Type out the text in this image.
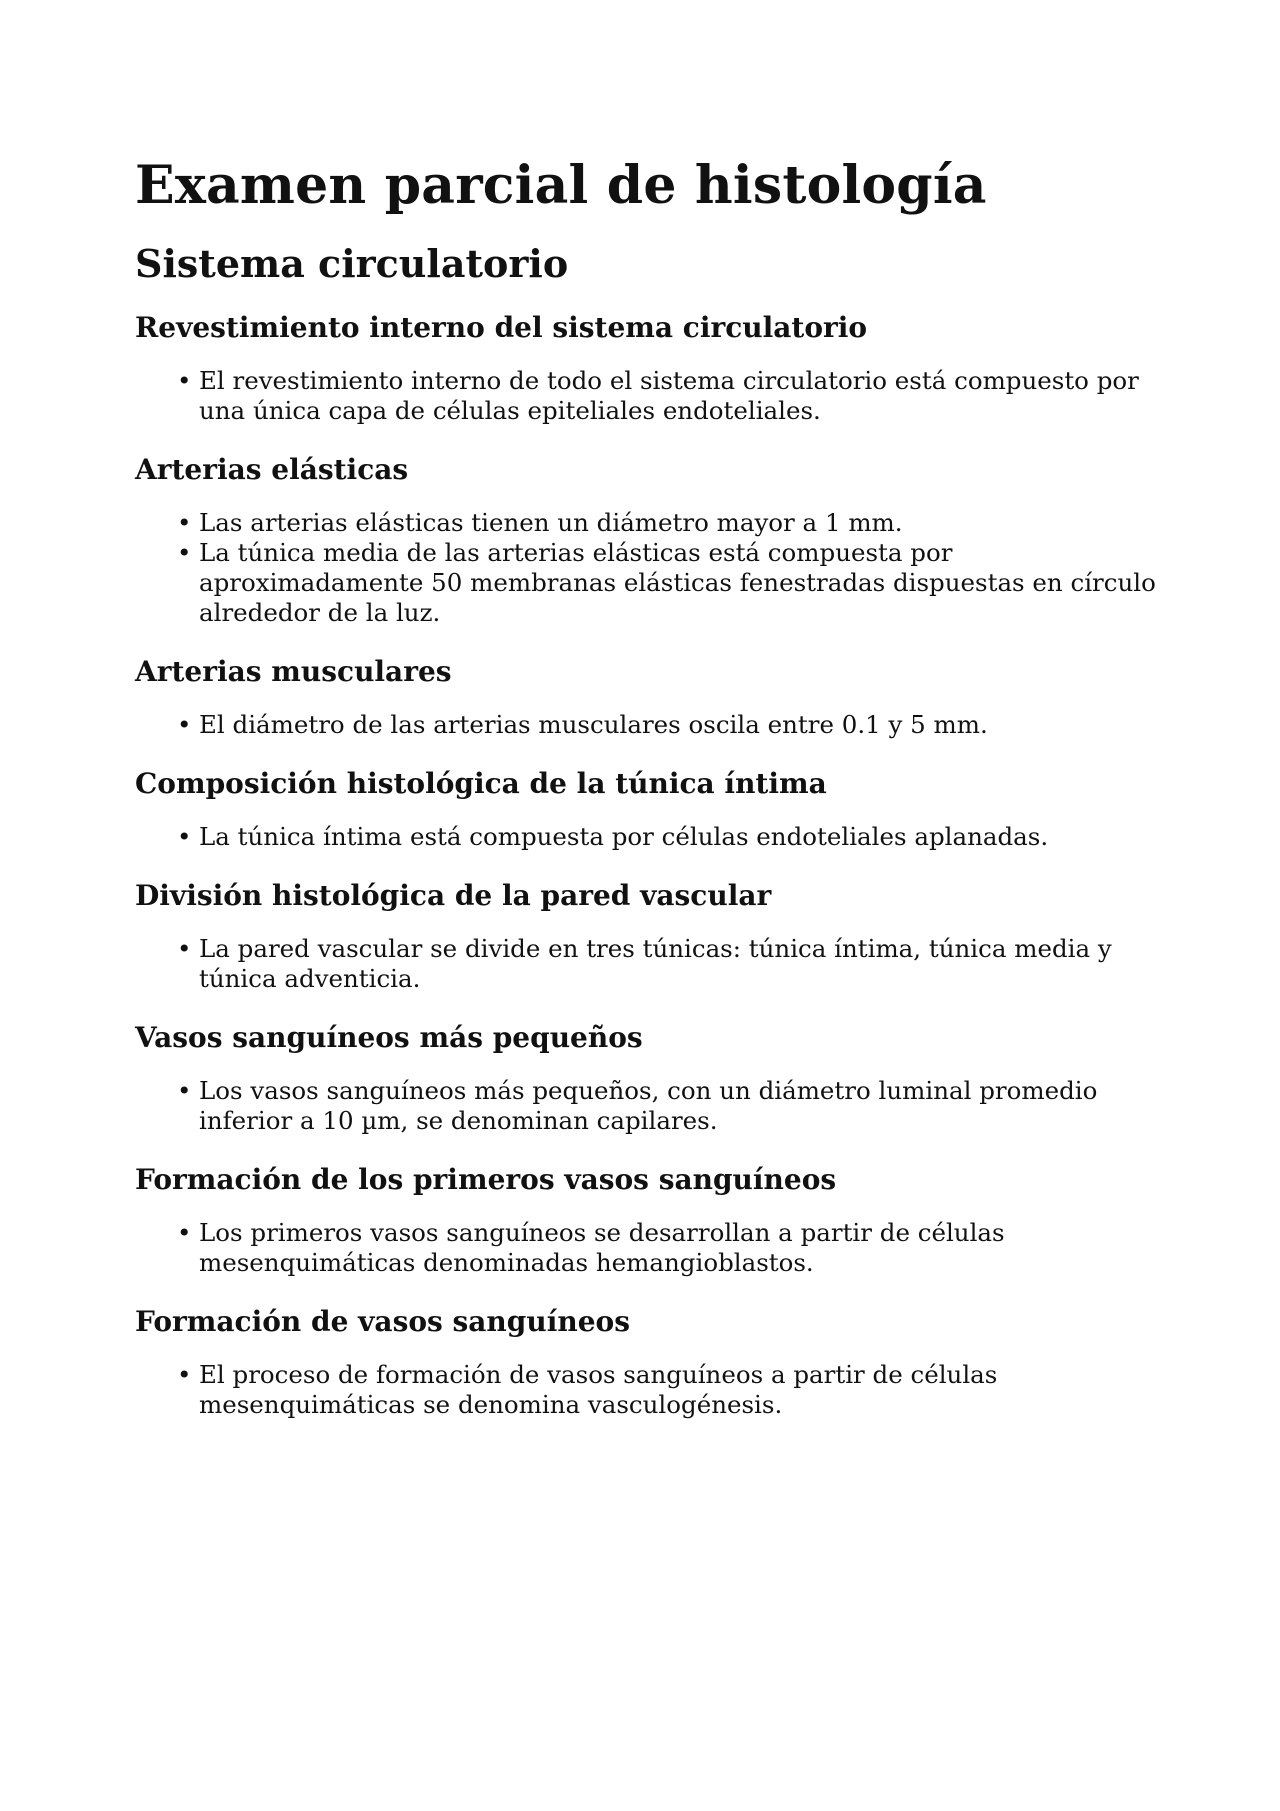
Examen parcial de histología
Sistema circulatorio
Revestimiento interno del sistema circulatorio
• El revestimiento interno de todo el sistema circulatorio está compuesto por una única capa de células epiteliales endoteliales.
Arterias elásticas
• Las arterias elásticas tienen un diámetro mayor a 1 mm.
• La túnica media de las arterias elásticas está compuesta por aproximadamente 50 membranas elásticas fenestradas dispuestas en círculo alrededor de la luz.
Arterias musculares
• El diámetro de las arterias musculares oscila entre 0.1 y 5 mm.
Composición histológica de la túnica íntima
• La túnica íntima está compuesta por células endoteliales aplanadas.
División histológica de la pared vascular
• La pared vascular se divide en tres túnicas: túnica íntima, túnica media y túnica adventicia.
Vasos sanguíneos más pequeños
• Los vasos sanguíneos más pequeños, con un diámetro luminal promedio inferior a 10 µm, se denominan capilares.
Formación de los primeros vasos sanguíneos
• Los primeros vasos sanguíneos se desarrollan a partir de células mesenquimáticas denominadas hemangioblastos.
Formación de vasos sanguíneos
• El proceso de formación de vasos sanguíneos a partir de células mesenquimáticas se denomina vasculogénesis.
